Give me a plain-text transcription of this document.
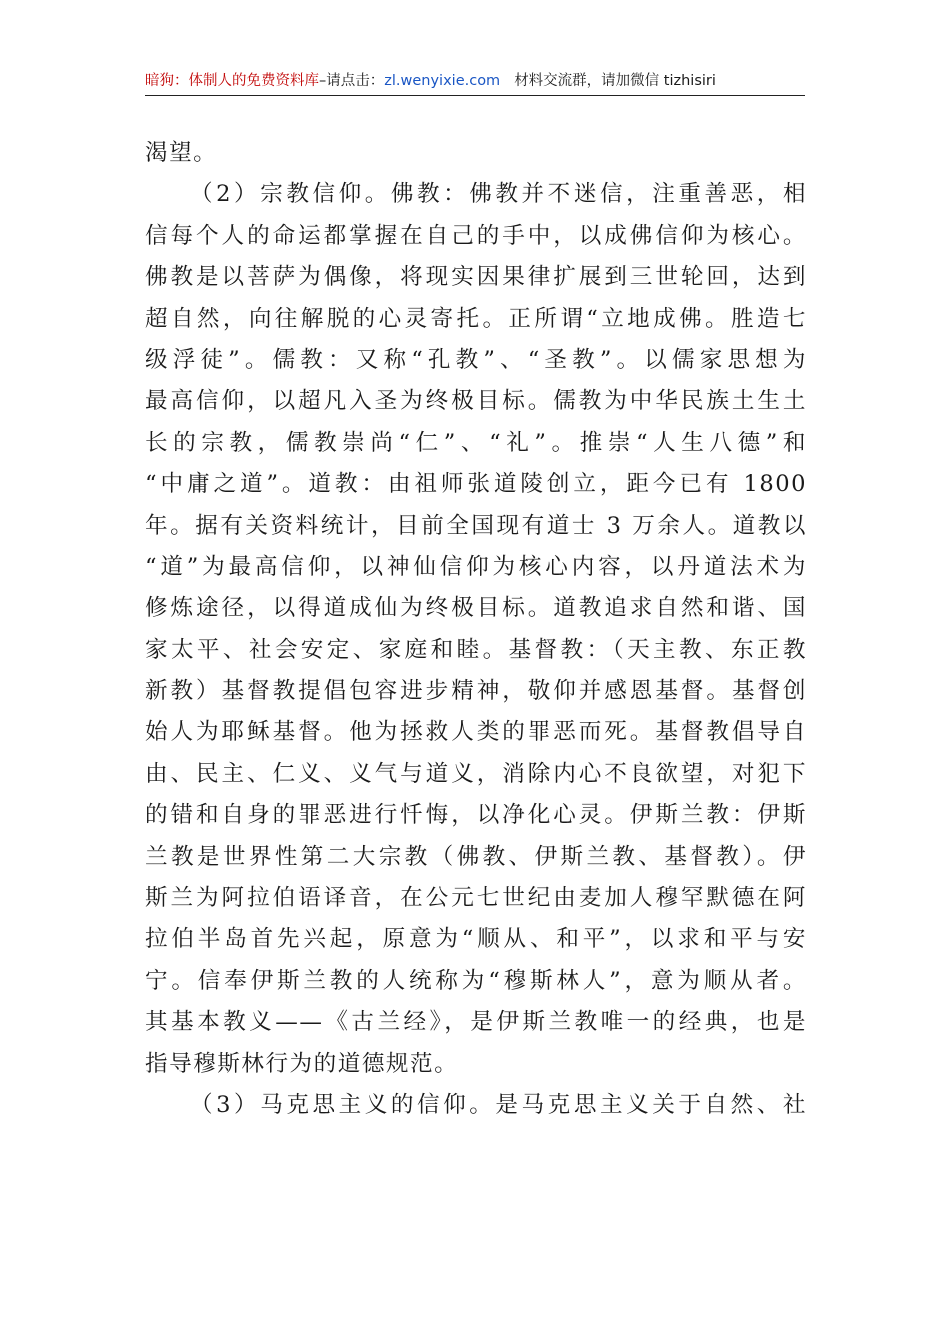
暗狗：体制人的免费资料库–请点击：zl.wenyixie.com 材料交流群，请加微信 tizhisiri
渴望。
（2）宗教信仰。佛教：佛教并不迷信，注重善恶，相
信每个人的命运都掌握在自己的手中，以成佛信仰为核心。
佛教是以菩萨为偶像，将现实因果律扩展到三世轮回，达到
超自然，向往解脱的心灵寄托。正所谓“立地成佛。胜造七
级浮徒”。儒教：又称“孔教”、“圣教”。以儒家思想为
最高信仰，以超凡入圣为终极目标。儒教为中华民族土生土
长的宗教，儒教崇尚“仁”、“礼”。推崇“人生八德”和
“中庸之道”。道教：由祖师张道陵创立，距今已有 1800
年。据有关资料统计，目前全国现有道士 3 万余人。道教以
“道”为最高信仰，以神仙信仰为核心内容，以丹道法术为
修炼途径，以得道成仙为终极目标。道教追求自然和谐、国
家太平、社会安定、家庭和睦。基督教：（天主教、东正教
新教）基督教提倡包容进步精神，敬仰并感恩基督。基督创
始人为耶稣基督。他为拯救人类的罪恶而死。基督教倡导自
由、民主、仁义、义气与道义，消除内心不良欲望，对犯下
的错和自身的罪恶进行忏悔，以净化心灵。伊斯兰教：伊斯
兰教是世界性第二大宗教（佛教、伊斯兰教、基督教）。伊
斯兰为阿拉伯语译音，在公元七世纪由麦加人穆罕默德在阿
拉伯半岛首先兴起，原意为“顺从、和平”，以求和平与安
宁。信奉伊斯兰教的人统称为“穆斯林人”，意为顺从者。
其基本教义——《古兰经》，是伊斯兰教唯一的经典，也是
指导穆斯林行为的道德规范。
（3）马克思主义的信仰。是马克思主义关于自然、社
